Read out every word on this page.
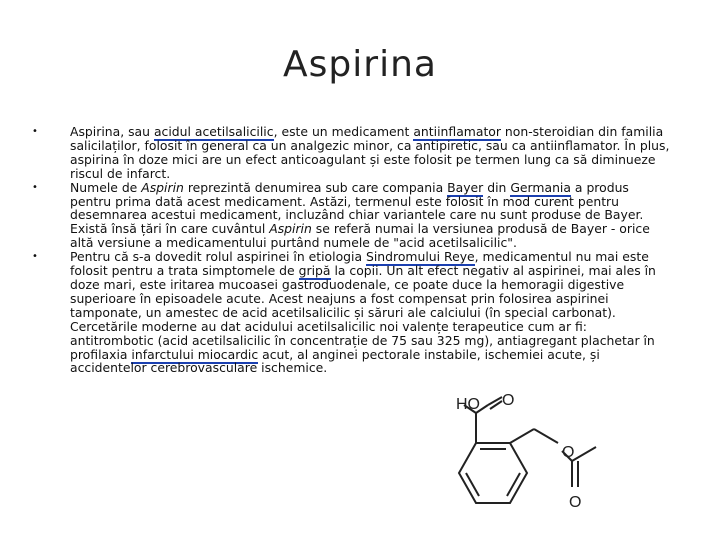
Aspirina
•	Aspirina, sau acidul acetilsalicilic, este un medicament antiinflamator non-steroidian din familia salicilaților, folosit în general ca un analgezic minor, ca antipiretic, sau ca antiinflamator. În plus, aspirina în doze mici are un efect anticoagulant și este folosit pe termen lung ca să diminueze riscul de infarct.
•	Numele de Aspirin reprezintă denumirea sub care compania Bayer din Germania a produs pentru prima dată acest medicament. Astăzi, termenul este folosit în mod curent pentru desemnarea acestui medicament, incluzând chiar variantele care nu sunt produse de Bayer. Există însă țări în care cuvântul Aspirin se referă numai la versiunea produsă de Bayer - orice altă versiune a medicamentului purtând numele de "acid acetilsalicilic".
•	Pentru că s-a dovedit rolul aspirinei în etiologia Sindromului Reye, medicamentul nu mai este folosit pentru a trata simptomele de gripă la copii. Un alt efect negativ al aspirinei, mai ales în doze mari, este iritarea mucoasei gastroduodenale, ce poate duce la hemoragii digestive superioare în episoadele acute. Acest neajuns a fost compensat prin folosirea aspirinei tamponate, un amestec de acid acetilsalicilic și săruri ale calciului (în special carbonat). Cercetările moderne au dat acidului acetilsalicilic noi valențe terapeutice cum ar fi: antitrombotic (acid acetilsalicilic în concentrație de 75 sau 325 mg), antiagregant plachetar în profilaxia infarctului miocardic acut, al anginei pectorale instabile, ischemiei acute, și accidentelor cerebrovasculare ischemice.
HO O
O
O
